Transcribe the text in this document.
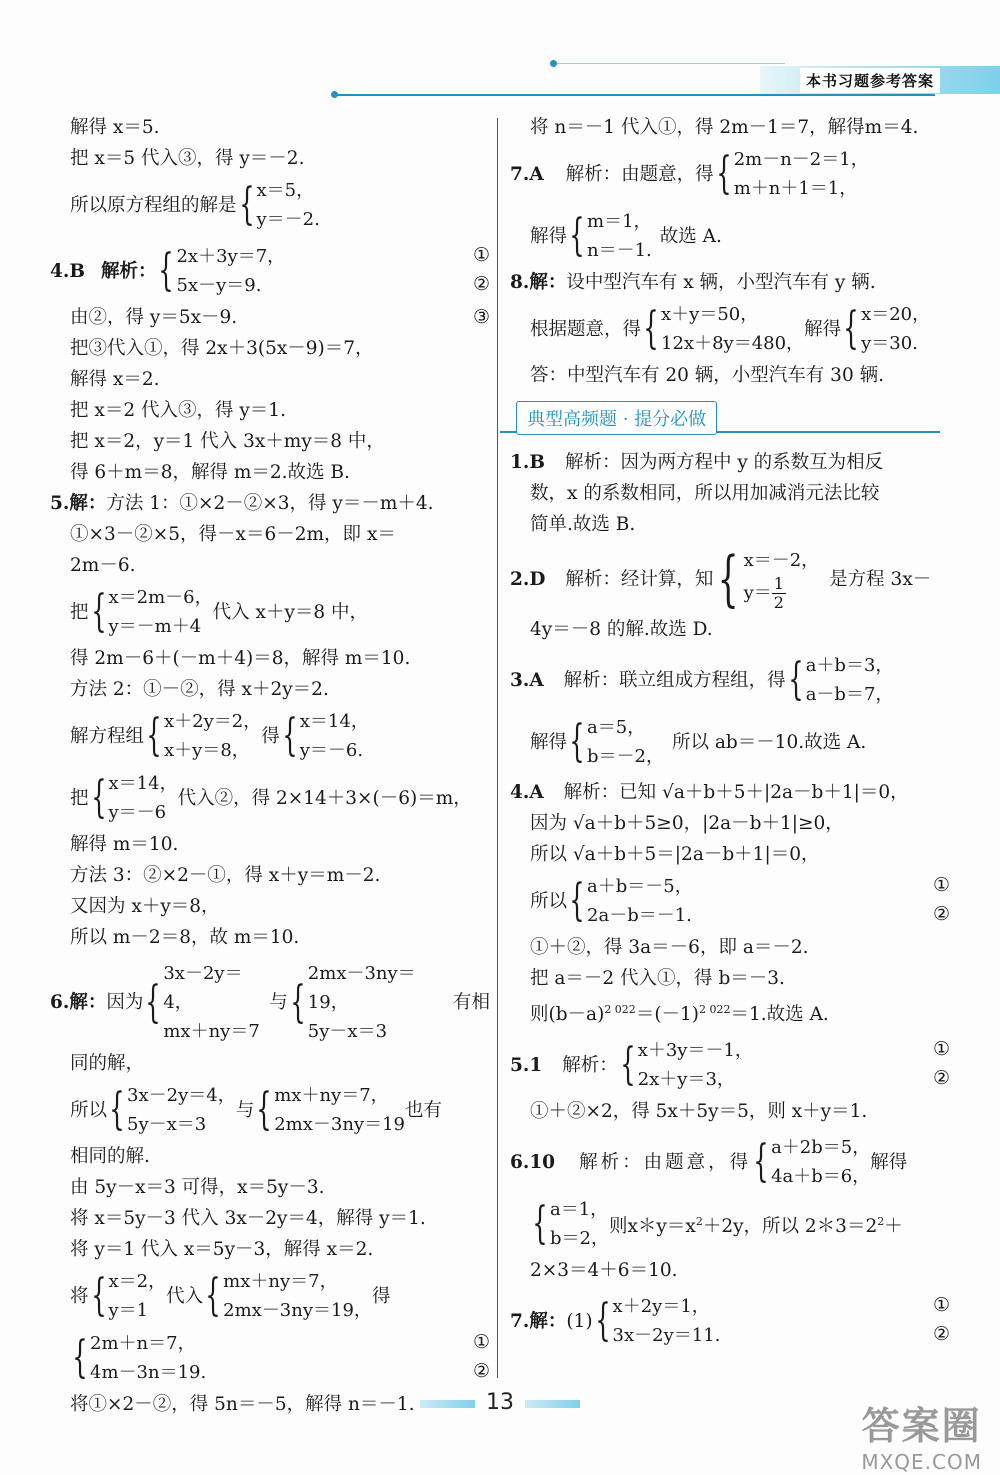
本书习题参考答案
解得 x＝5.
把 x＝5 代入③，得 y＝－2.
所以原方程组的解是 { x＝5，
y＝－2.
4.B 解析： { 2x＋3y＝7，
5x－y＝9.
①
②
由②，得 y＝5x－9.	③
把③代入①，得 2x＋3(5x－9)＝7，
解得 x＝2.
把 x＝2 代入③，得 y＝1.
把 x＝2，y＝1 代入 3x＋my＝8 中，
得 6＋m＝8，解得 m＝2.故选 B.
5.解：方法 1：①×2－②×3，得 y＝－m＋4.
①×3－②×5，得－x＝6－2m，即 x＝
2m－6.
把 { x＝2m－6，
y＝－m＋4
代入 x＋y＝8 中，
得 2m－6＋(－m＋4)＝8，解得 m＝10.
方法 2：①－②，得 x＋2y＝2.
解方程组 { x＋2y＝2，
x＋y＝8，
得 { x＝14，
y＝－6.
把 { x＝14，
y＝－6
代入②，得 2×14＋3×(－6)＝m，
解得 m＝10.
方法 3：②×2－①，得 x＋y＝m－2.
又因为 x＋y＝8，
所以 m－2＝8，故 m＝10.
6.解： 因为 {
3x－2y＝4，
mx＋ny＝7
与 {
2mx－3ny＝19，
5y－x＝3
有相
同的解，
所以 { 3x－2y＝4，
5y－x＝3
与 { mx＋ny＝7，
2mx－3ny＝19
也有
相同的解.
由 5y－x＝3 可得，x＝5y－3.
将 x＝5y－3 代入 3x－2y＝4，解得 y＝1.
将 y＝1 代入 x＝5y－3，解得 x＝2.
将 { x＝2，
y＝1
代入 { mx＋ny＝7，
2mx－3ny＝19，
得
{ 2m＋n＝7，
4m－3n＝19.
①
②
将①×2－②，得 5n＝－5，解得 n＝－1.
将 n＝－1 代入①，得 2m－1＝7，解得m＝4.
7.A 解析：由题意，得 { 2m－n－2＝1，
m＋n＋1＝1，
解得 { m＝1，
n＝－1.
故选 A.
8.解：设中型汽车有 x 辆，小型汽车有 y 辆.
根据题意，得 { x＋y＝50，
12x＋8y＝480，
解得 { x＝20，
y＝30.
答：中型汽车有 20 辆，小型汽车有 30 辆.
典型高频题 · 提分必做
1.B 解析：因为两方程中 y 的系数互为相反
数，x 的系数相同，所以用加减消元法比较
简单.故选 B.
2.D 解析：经计算，知 { x＝－2，
$y= \frac{1}{2}$ 是方程 3x－
4y＝－8 的解.故选 D.
3.A 解析：联立组成方程组，得 { a＋b＝3，
a－b＝7，
解得 { a＝5，
b＝－2，
所以 ab＝－10.故选 A.
4.A 解析：已知 √a＋b＋5＋|2a－b＋1|＝0，
因为 √a＋b＋5≥0，|2a－b＋1|≥0，
所以 √a＋b＋5＝|2a－b＋1|＝0，
所以 { a＋b＝－5，
2a－b＝－1.
①
②
①＋②，得 3a＝－6，即 a＝－2.
把 a＝－2 代入①，得 b＝－3.
则$(b-a)^{2 022}=(-1)^{2 022}=1$.故选 A.
5.1 解析： { x＋3y＝－1，
2x＋y＝3，
①
②
①＋②×2，得 5x＋5y＝5，则 x＋y＝1.
6.10 解析：由题意，得 { a＋2b＝5，
4a＋b＝6，
解得
{ a＝1，
b＝2，
则$x*y=x^2+2y$，所以 $2*3=2^2+$
2×3＝4＋6＝10.
7.解： (1) { x＋2y＝1，
3x－2y＝11.
①
②
13
答案圈
MXQE.COM
